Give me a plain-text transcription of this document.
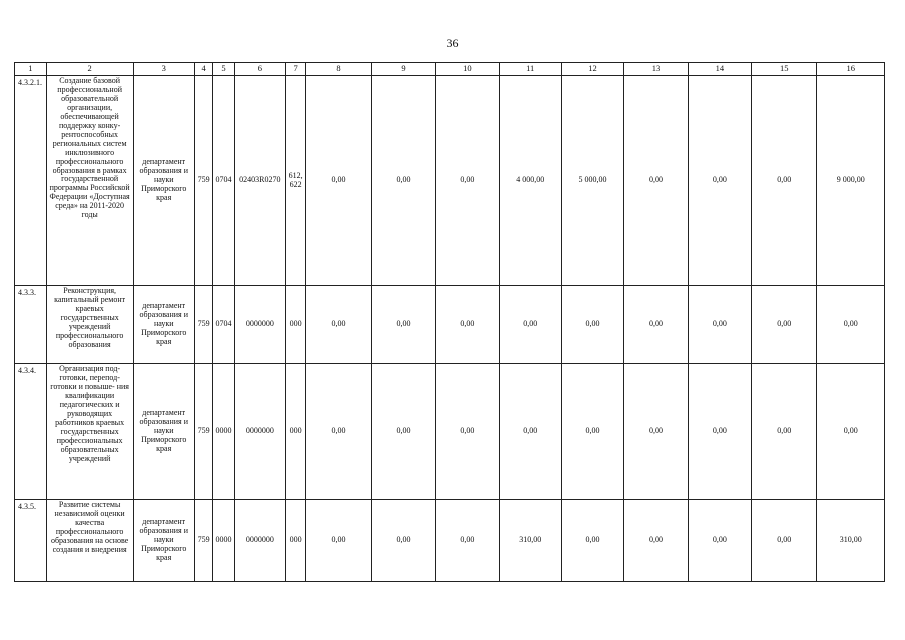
36
1	2	3	4	5	6	7	8	9	10	11	12	13	14	15	16
4.3.2.1.	Создание базовой профессиональной образовательной организации, обеспечивающей поддержку конку- рентоспособных региональных систем инклюзивного профессионального образования в рамках государственной программы Российской Федерации «Доступная среда» на 2011-2020 годы	департамент образования и науки Приморского края	759	0704	02403R0270	612, 622	0,00	0,00	0,00	4 000,00	5 000,00	0,00	0,00	0,00	9 000,00
4.3.3.	Реконструкция, капитальный ремонт краевых государственных учреждений профессионального образования	департамент образования и науки Приморского края	759	0704	0000000	000	0,00	0,00	0,00	0,00	0,00	0,00	0,00	0,00	0,00
4.3.4.	Организация под- готовки, перепод- готовки и повыше- ния квалификации педагогических и руководящих работников краевых государственных профессиональных образовательных учреждений	департамент образования и науки Приморского края	759	0000	0000000	000	0,00	0,00	0,00	0,00	0,00	0,00	0,00	0,00	0,00
4.3.5.	Развитие системы независимой оценки качества профессионального образования на основе создания и внедрения	департамент образования и науки Приморского края	759	0000	0000000	000	0,00	0,00	0,00	310,00	0,00	0,00	0,00	0,00	310,00
